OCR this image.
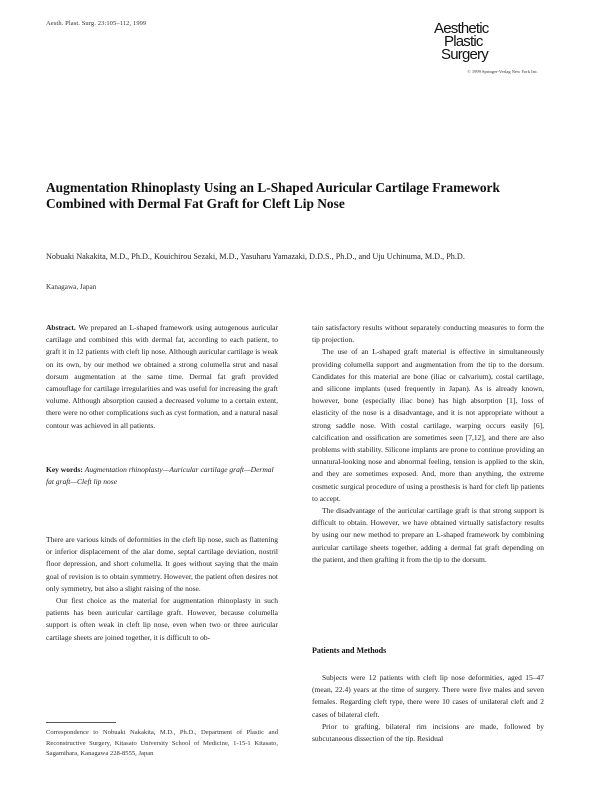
Aesth. Plast. Surg. 23:105–112, 1999	Aesthetic
Plastic
Surgery
© 1999 Springer-Verlag New York Inc.
Augmentation Rhinoplasty Using an L-Shaped Auricular Cartilage Framework Combined with Dermal Fat Graft for Cleft Lip Nose
Nobuaki Nakakita, M.D., Ph.D., Kouichirou Sezaki, M.D., Yasuharu Yamazaki, D.D.S., Ph.D., and Uju Uchinuma, M.D., Ph.D.
Kanagawa, Japan

Abstract. We prepared an L-shaped framework using autogenous auricular cartilage and combined this with dermal fat, according to each patient, to graft it in 12 patients with cleft lip nose. Although auricular cartilage is weak on its own, by our method we obtained a strong columella strut and nasal dorsum augmentation at the same time. Dermal fat graft provided camouflage for cartilage irregularities and was useful for increasing the graft volume. Although absorption caused a decreased volume to a certain extent, there were no other complications such as cyst formation, and a natural nasal contour was achieved in all patients.

Key words: Augmentation rhinoplasty—Auricular cartilage graft—Dermal fat graft—Cleft lip nose

There are various kinds of deformities in the cleft lip nose, such as flattening or inferior displacement of the alar dome, septal cartilage deviation, nostril floor depression, and short columella. It goes without saying that the main goal of revision is to obtain symmetry. However, the patient often desires not only symmetry, but also a slight raising of the nose.

Our first choice as the material for augmentation rhinoplasty in such patients has been auricular cartilage graft. However, because columella support is often weak in cleft lip nose, even when two or three auricular cartilage sheets are joined together, it is difficult to ob-

Correspondence to Nobuaki Nakakita, M.D., Ph.D., Department of Plastic and Reconstructive Surgery, Kitasato University School of Medicine, 1-15-1 Kitasato, Sagamihara, Kanagawa 228-8555, Japan

tain satisfactory results without separately conducting measures to form the tip projection.

The use of an L-shaped graft material is effective in simultaneously providing columella support and augmentation from the tip to the dorsum. Candidates for this material are bone (iliac or calvarium), costal cartilage, and silicone implants (used frequently in Japan). As is already known, however, bone (especially iliac bone) has high absorption [1], loss of elasticity of the nose is a disadvantage, and it is not appropriate without a strong saddle nose. With costal cartilage, warping occurs easily [6], calcification and ossification are sometimes seen [7,12], and there are also problems with stability. Silicone implants are prone to continue providing an unnatural-looking nose and abnormal feeling, tension is applied to the skin, and they are sometimes exposed. And, more than anything, the extreme cosmetic surgical procedure of using a prosthesis is hard for cleft lip patients to accept.

The disadvantage of the auricular cartilage graft is that strong support is difficult to obtain. However, we have obtained virtually satisfactory results by using our new method to prepare an L-shaped framework by combining auricular cartilage sheets together, adding a dermal fat graft depending on the patient, and then grafting it from the tip to the dorsum.

Patients and Methods

Subjects were 12 patients with cleft lip nose deformities, aged 15–47 (mean, 22.4) years at the time of surgery. There were five males and seven females. Regarding cleft type, there were 10 cases of unilateral cleft and 2 cases of bilateral cleft.

Prior to grafting, bilateral rim incisions are made, followed by subcutaneous dissection of the tip. Residual
